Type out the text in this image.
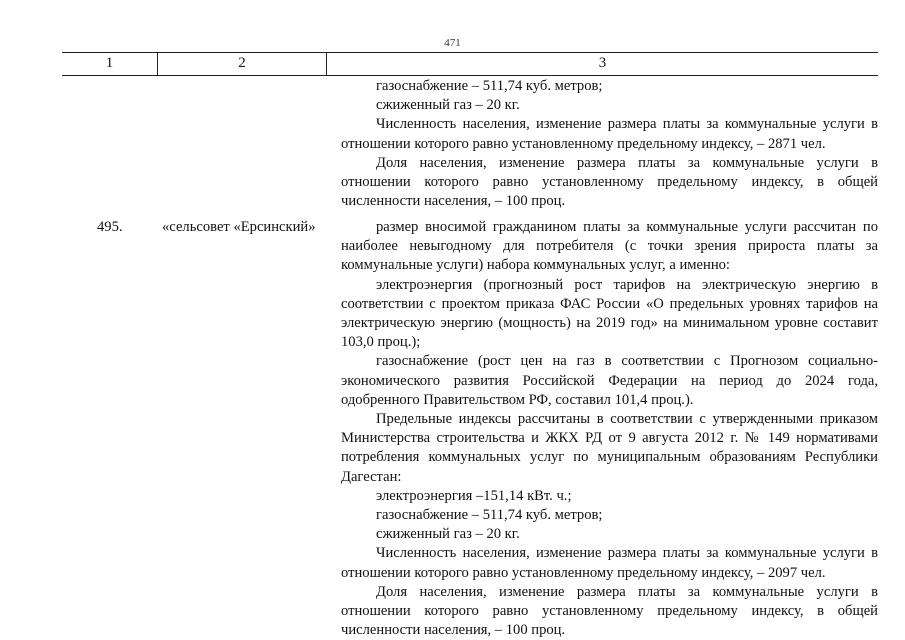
471
1	2	3

газоснабжение – 511,74 куб. метров;

сжиженный газ – 20 кг.

Численность населения, изменение размера платы за коммунальные услуги в отношении которого равно установленному предельному индексу, – 2871 чел.

Доля населения, изменение размера платы за коммунальные услуги в отношении которого равно установленному предельному индексу, в общей численности населения, – 100 проц.

495.	«сельсовет «Ерсинский»	размер вносимой гражданином платы за коммунальные услуги рассчитан по наиболее невыгодному для потребителя (с точки зрения прироста платы за коммунальные услуги) набора коммунальных услуг, а именно:

электроэнергия (прогнозный рост тарифов на электрическую энергию в соответствии с проектом приказа ФАС России «О предельных уровнях тарифов на электрическую энергию (мощность) на 2019 год» на минимальном уровне составит 103,0 проц.);

газоснабжение (рост цен на газ в соответствии с Прогнозом социально-экономического развития Российской Федерации на период до 2024 года, одобренного Правительством РФ, составил 101,4 проц.).

Предельные индексы рассчитаны в соответствии с утвержденными приказом Министерства строительства и ЖКХ РД от 9 августа 2012 г. № 149 нормативами потребления коммунальных услуг по муниципальным образованиям Республики Дагестан:

электроэнергия –151,14 кВт. ч.;

газоснабжение – 511,74 куб. метров;

сжиженный газ – 20 кг.

Численность населения, изменение размера платы за коммунальные услуги в отношении которого равно установленному предельному индексу, – 2097 чел.

Доля населения, изменение размера платы за коммунальные услуги в отношении которого равно установленному предельному индексу, в общей численности населения, – 100 проц.
